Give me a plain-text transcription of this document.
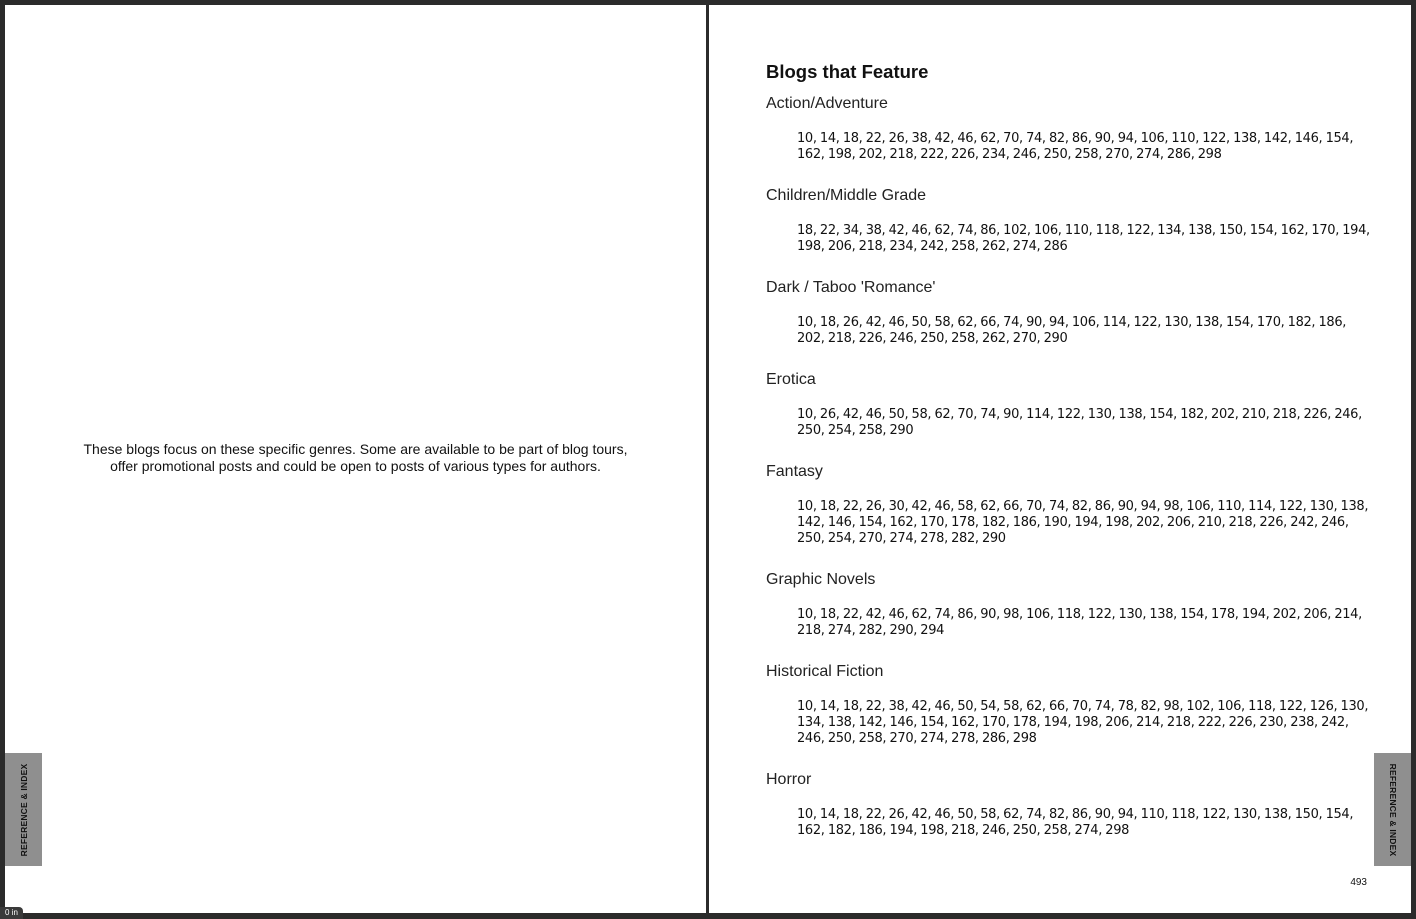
These blogs focus on these specific genres. Some are available to be part of blog tours,
offer promotional posts and could be open to posts of various types for authors.
REFERENCE & INDEX
Blogs that Feature

Action/Adventure

10, 14, 18, 22, 26, 38, 42, 46, 62, 70, 74, 82, 86, 90, 94, 106, 110, 122, 138, 142, 146, 154, 162, 198, 202, 218, 222, 226, 234, 246, 250, 258, 270, 274, 286, 298

Children/Middle Grade

18, 22, 34, 38, 42, 46, 62, 74, 86, 102, 106, 110, 118, 122, 134, 138, 150, 154, 162, 170, 194, 198, 206, 218, 234, 242, 258, 262, 274, 286

Dark / Taboo 'Romance'

10, 18, 26, 42, 46, 50, 58, 62, 66, 74, 90, 94, 106, 114, 122, 130, 138, 154, 170, 182, 186, 202, 218, 226, 246, 250, 258, 262, 270, 290

Erotica

10, 26, 42, 46, 50, 58, 62, 70, 74, 90, 114, 122, 130, 138, 154, 182, 202, 210, 218, 226, 246, 250, 254, 258, 290

Fantasy

10, 18, 22, 26, 30, 42, 46, 58, 62, 66, 70, 74, 82, 86, 90, 94, 98, 106, 110, 114, 122, 130, 138, 142, 146, 154, 162, 170, 178, 182, 186, 190, 194, 198, 202, 206, 210, 218, 226, 242, 246, 250, 254, 270, 274, 278, 282, 290

Graphic Novels

10, 18, 22, 42, 46, 62, 74, 86, 90, 98, 106, 118, 122, 130, 138, 154, 178, 194, 202, 206, 214, 218, 274, 282, 290, 294

Historical Fiction

10, 14, 18, 22, 38, 42, 46, 50, 54, 58, 62, 66, 70, 74, 78, 82, 98, 102, 106, 118, 122, 126, 130, 134, 138, 142, 146, 154, 162, 170, 178, 194, 198, 206, 214, 218, 222, 226, 230, 238, 242, 246, 250, 258, 270, 274, 278, 286, 298

Horror

10, 14, 18, 22, 26, 42, 46, 50, 58, 62, 74, 82, 86, 90, 94, 110, 118, 122, 130, 138, 150, 154, 162, 182, 186, 194, 198, 218, 246, 250, 258, 274, 298	REFERENCE & INDEX
493
0 in
